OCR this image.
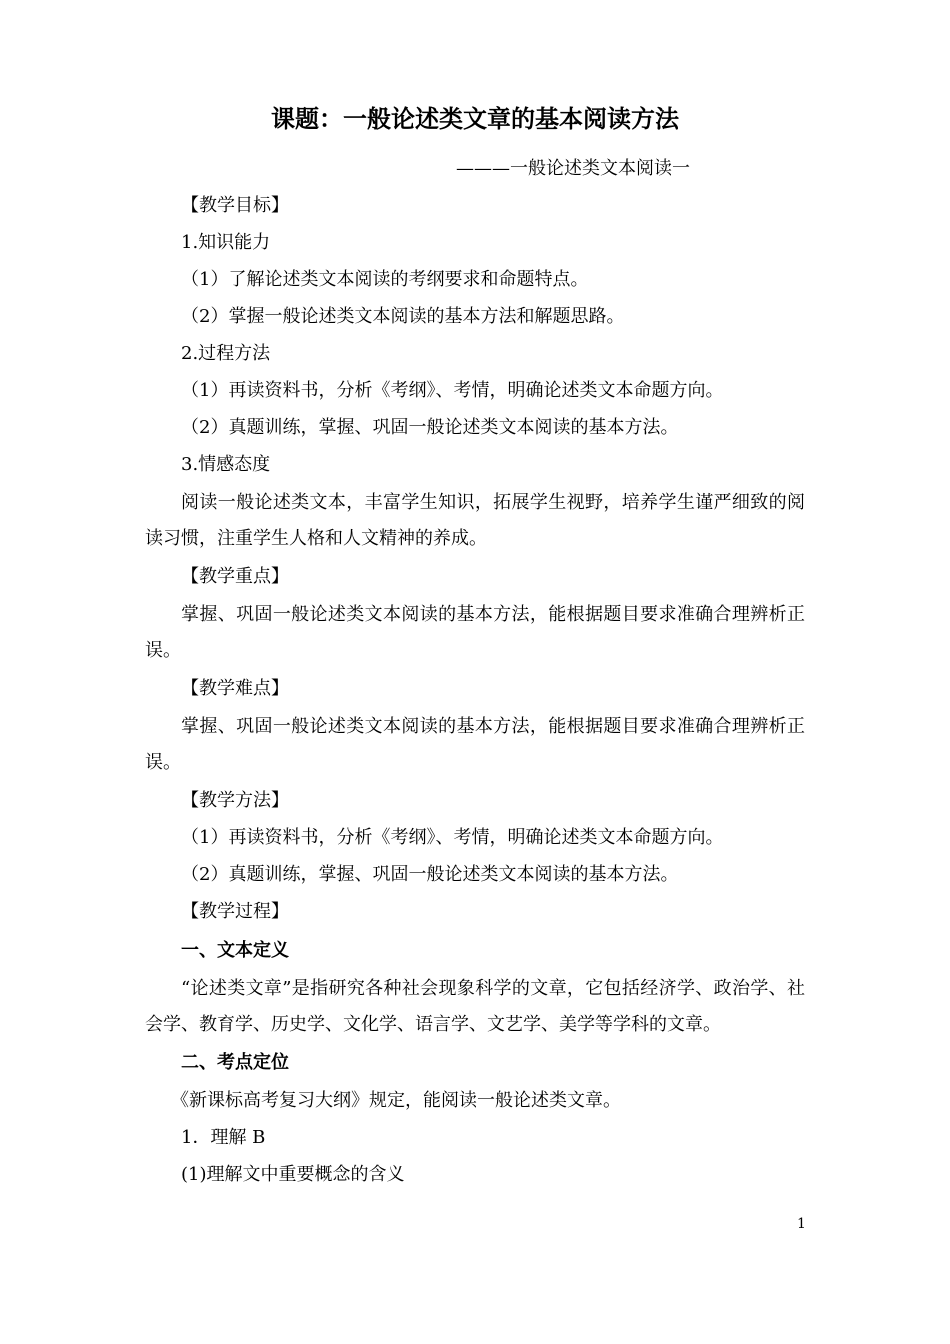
课题：一般论述类文章的基本阅读方法
———一般论述类文本阅读一
【教学目标】
1.知识能力
（1）了解论述类文本阅读的考纲要求和命题特点。
（2）掌握一般论述类文本阅读的基本方法和解题思路。
2.过程方法
（1）再读资料书，分析《考纲》、考情，明确论述类文本命题方向。
（2）真题训练，掌握、巩固一般论述类文本阅读的基本方法。
3.情感态度
阅读一般论述类文本，丰富学生知识，拓展学生视野，培养学生谨严细致的阅读习惯，注重学生人格和人文精神的养成。
【教学重点】
掌握、巩固一般论述类文本阅读的基本方法，能根据题目要求准确合理辨析正误。
【教学难点】
掌握、巩固一般论述类文本阅读的基本方法，能根据题目要求准确合理辨析正误。
【教学方法】
（1）再读资料书，分析《考纲》、考情，明确论述类文本命题方向。
（2）真题训练，掌握、巩固一般论述类文本阅读的基本方法。
【教学过程】
一、文本定义
“论述类文章”是指研究各种社会现象科学的文章，它包括经济学、政治学、社会学、教育学、历史学、文化学、语言学、文艺学、美学等学科的文章。
二、考点定位
《新课标高考复习大纲》规定，能阅读一般论述类文章。
1．理解 B
(1)理解文中重要概念的含义
1
